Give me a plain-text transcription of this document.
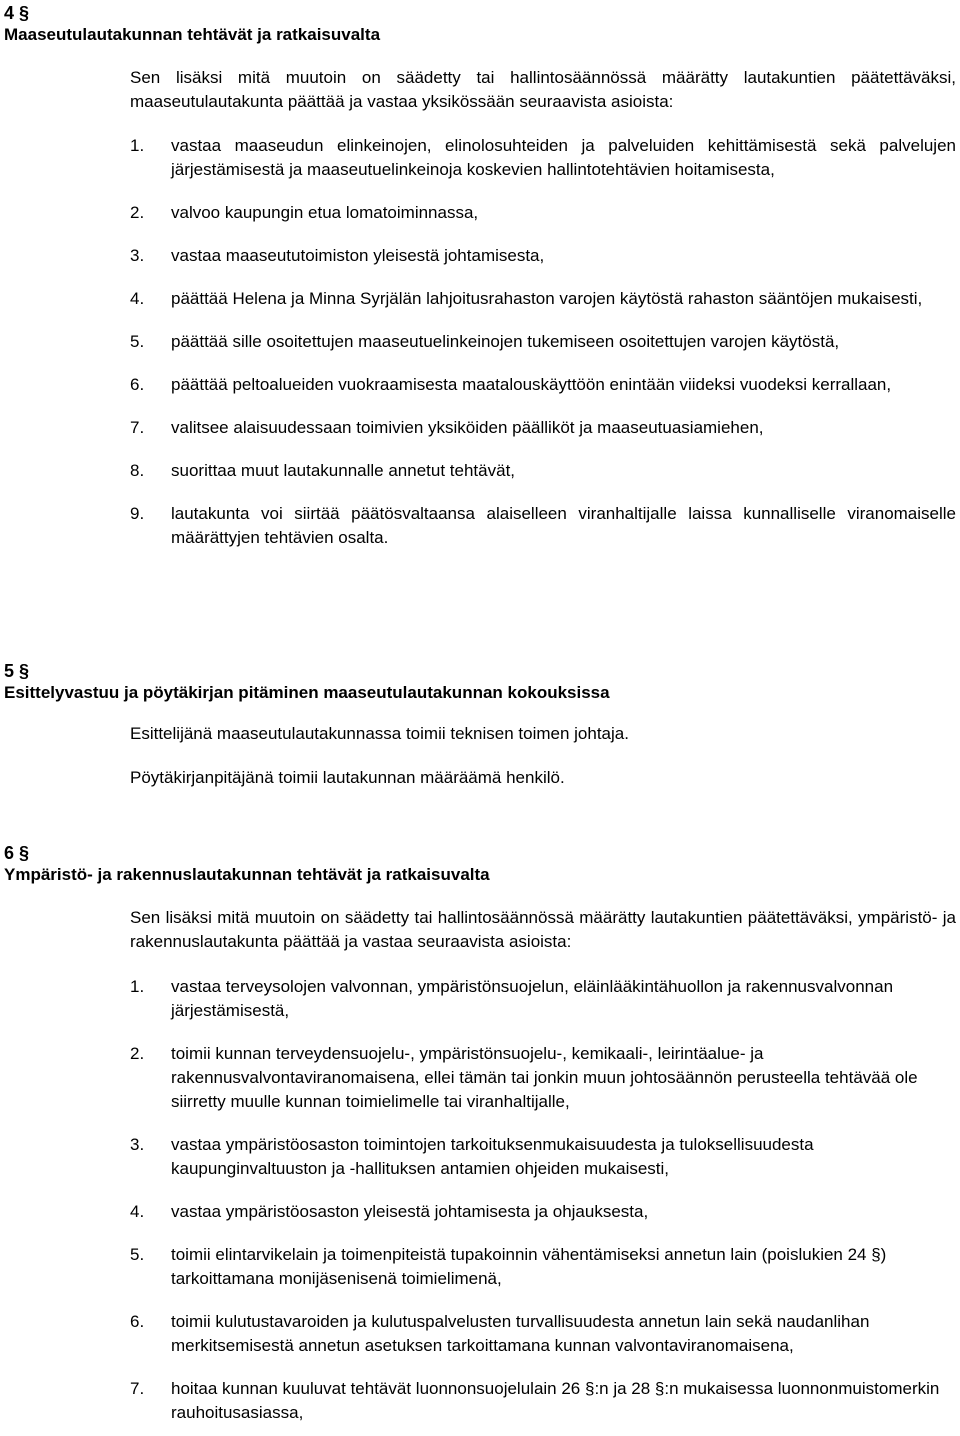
4 §
Maaseutulautakunnan tehtävät ja ratkaisuvalta
Sen lisäksi mitä muutoin on säädetty tai hallintosäännössä määrätty lautakuntien päätettäväksi, maaseutulautakunta päättää ja vastaa yksikössään seuraavista asioista:
1. vastaa maaseudun elinkeinojen, elinolosuhteiden ja palveluiden kehittämisestä sekä palvelujen järjestämisestä ja maaseutuelinkeinoja koskevien hallintotehtävien hoitamisesta,
2. valvoo kaupungin etua lomatoiminnassa,
3. vastaa maaseututoimiston yleisestä johtamisesta,
4. päättää Helena ja Minna Syrjälän lahjoitusrahaston varojen käytöstä rahaston sääntöjen mukaisesti,
5. päättää sille osoitettujen maaseutuelinkeinojen tukemiseen osoitettujen varojen käytöstä,
6. päättää peltoalueiden vuokraamisesta maatalouskäyttöön enintään viideksi vuodeksi kerrallaan,
7. valitsee alaisuudessaan toimivien yksiköiden päälliköt ja maaseutuasiamiehen,
8. suorittaa muut lautakunnalle annetut tehtävät,
9. lautakunta voi siirtää päätösvaltaansa alaiselleen viranhaltijalle laissa kunnalliselle viranomaiselle määrättyjen tehtävien osalta.
5 §
Esittelyvastuu ja pöytäkirjan pitäminen maaseutulautakunnan kokouksissa
Esittelijänä maaseutulautakunnassa toimii teknisen toimen johtaja.
Pöytäkirjanpitäjänä toimii lautakunnan määräämä henkilö.
6 §
Ympäristö- ja rakennuslautakunnan tehtävät ja ratkaisuvalta
Sen lisäksi mitä muutoin on säädetty tai hallintosäännössä määrätty lautakuntien päätettäväksi, ympäristö- ja rakennuslautakunta päättää ja vastaa seuraavista asioista:
1. vastaa terveysolojen valvonnan, ympäristönsuojelun, eläinlääkintähuollon ja rakennusvalvonnan järjestämisestä,
2. toimii kunnan terveydensuojelu-, ympäristönsuojelu-, kemikaali-, leirintäalue- ja rakennusvalvontaviranomaisena, ellei tämän tai jonkin muun johtosäännön perusteella tehtävää ole siirretty muulle kunnan toimielimelle tai viranhaltijalle,
3. vastaa ympäristöosaston toimintojen tarkoituksenmukaisuudesta ja tuloksellisuudesta kaupunginvaltuuston ja -hallituksen antamien ohjeiden mukaisesti,
4. vastaa ympäristöosaston yleisestä johtamisesta ja ohjauksesta,
5. toimii elintarvikelain ja toimenpiteistä tupakoinnin vähentämiseksi annetun lain (poislukien 24 §) tarkoittamana monijäsenisenä toimielimenä,
6. toimii kulutustavaroiden ja kulutuspalvelusten turvallisuudesta annetun lain sekä naudanlihan merkitsemisestä annetun asetuksen tarkoittamana kunnan valvontaviranomaisena,
7. hoitaa kunnan kuuluvat tehtävät luonnonsuojelulain 26 §:n ja 28 §:n mukaisessa luonnonmuistomerkin rauhoitusasiassa,
